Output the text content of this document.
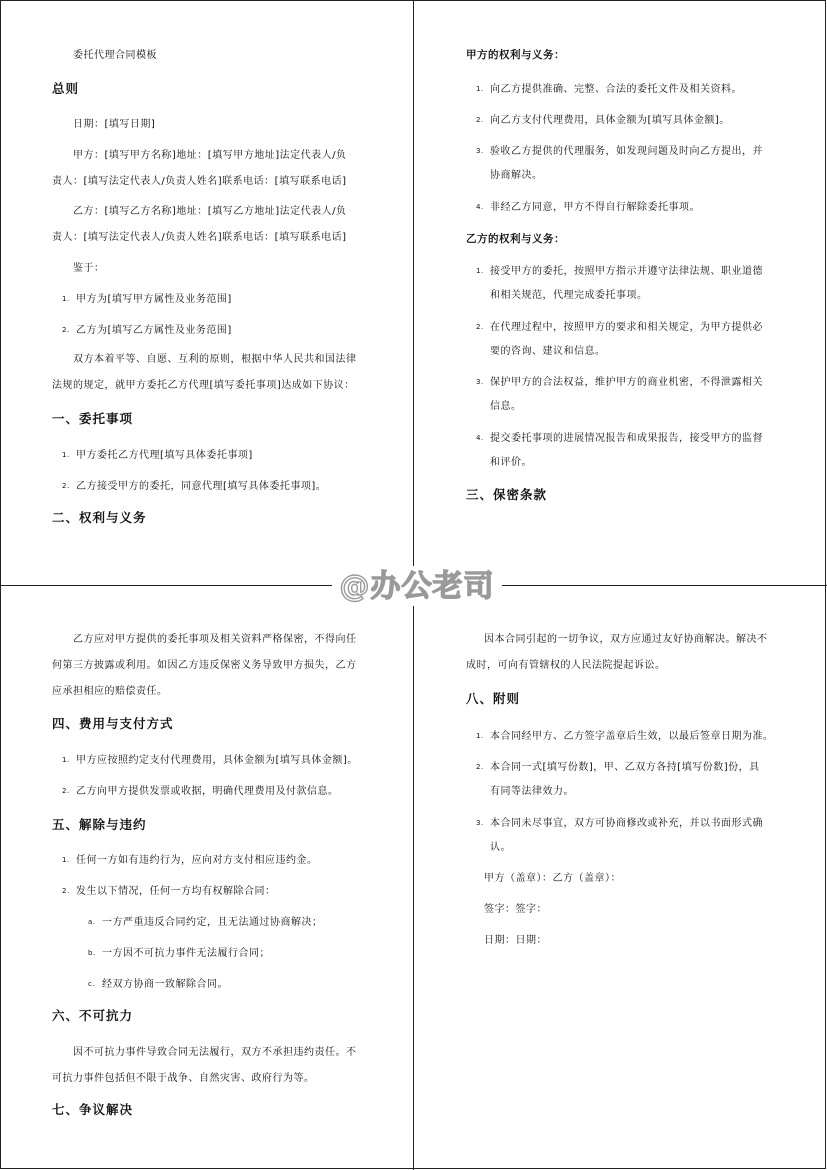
委托代理合同模板
总则
日期：[填写日期]
甲方：[填写甲方名称]地址：[填写甲方地址]法定代表人/负
责人：[填写法定代表人/负责人姓名]联系电话：[填写联系电话]
乙方：[填写乙方名称]地址：[填写乙方地址]法定代表人/负
责人：[填写法定代表人/负责人姓名]联系电话：[填写联系电话]
鉴于：
1. 甲方为[填写甲方属性及业务范围]
2. 乙方为[填写乙方属性及业务范围]
双方本着平等、自愿、互利的原则，根据中华人民共和国法律
法规的规定，就甲方委托乙方代理[填写委托事项]达成如下协议：
一、委托事项
1. 甲方委托乙方代理[填写具体委托事项]
2. 乙方接受甲方的委托，同意代理[填写具体委托事项]。
二、权利与义务
甲方的权利与义务：
1. 向乙方提供准确、完整、合法的委托文件及相关资料。
2. 向乙方支付代理费用，具体金额为[填写具体金额]。
3. 验收乙方提供的代理服务，如发现问题及时向乙方提出，并
协商解决。
4. 非经乙方同意，甲方不得自行解除委托事项。
乙方的权利与义务：
1. 接受甲方的委托，按照甲方指示并遵守法律法规、职业道德
和相关规范，代理完成委托事项。
2. 在代理过程中，按照甲方的要求和相关规定，为甲方提供必
要的咨询、建议和信息。
3. 保护甲方的合法权益，维护甲方的商业机密，不得泄露相关
信息。
4. 提交委托事项的进展情况报告和成果报告，接受甲方的监督
和评价。
三、保密条款
乙方应对甲方提供的委托事项及相关资料严格保密，不得向任
何第三方披露或利用。如因乙方违反保密义务导致甲方损失，乙方
应承担相应的赔偿责任。
四、费用与支付方式
1. 甲方应按照约定支付代理费用，具体金额为[填写具体金额]。
2. 乙方向甲方提供发票或收据，明确代理费用及付款信息。
五、解除与违约
1. 任何一方如有违约行为，应向对方支付相应违约金。
2. 发生以下情况，任何一方均有权解除合同：
a. 一方严重违反合同约定，且无法通过协商解决；
b. 一方因不可抗力事件无法履行合同；
c. 经双方协商一致解除合同。
六、不可抗力
因不可抗力事件导致合同无法履行，双方不承担违约责任。不
可抗力事件包括但不限于战争、自然灾害、政府行为等。
七、争议解决
因本合同引起的一切争议，双方应通过友好协商解决。解决不
成时，可向有管辖权的人民法院提起诉讼。
八、附则
1. 本合同经甲方、乙方签字盖章后生效，以最后签章日期为准。
2. 本合同一式[填写份数]，甲、乙双方各持[填写份数]份，具
有同等法律效力。
3. 本合同未尽事宜，双方可协商修改或补充，并以书面形式确
认。
甲方（盖章）：乙方（盖章）：
签字：签字：
日期：日期：
@办公老司
